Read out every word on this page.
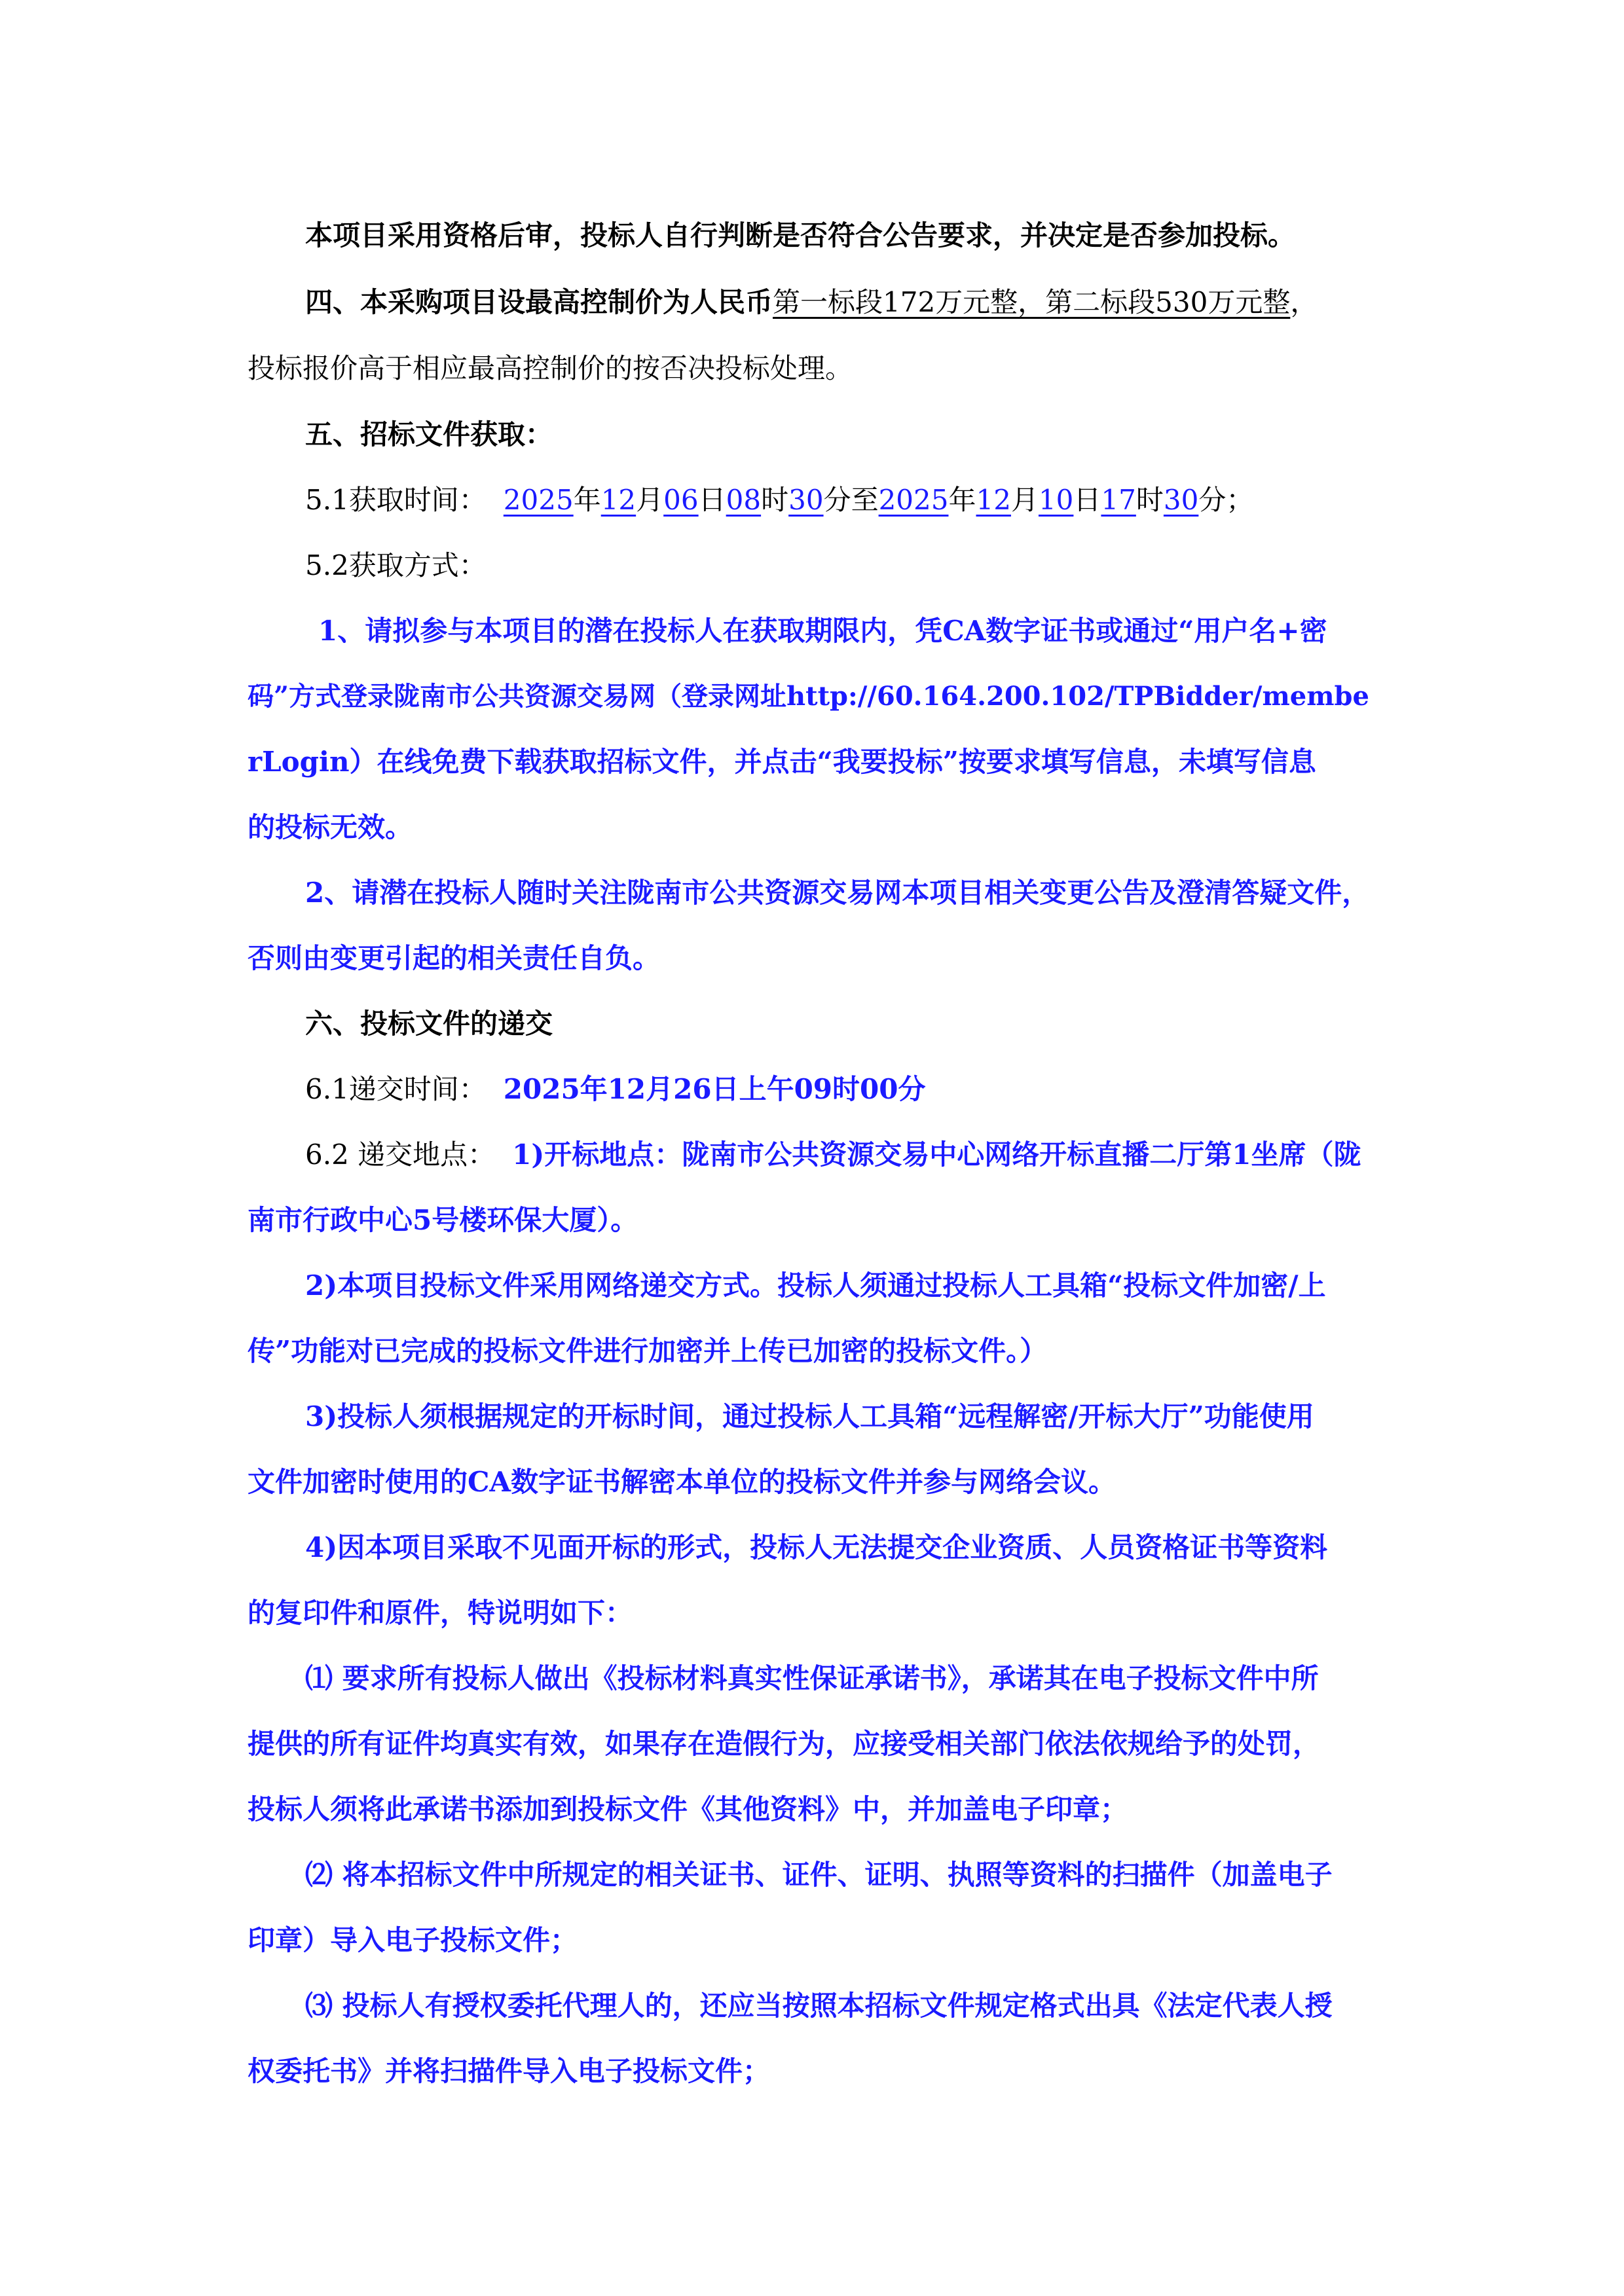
本项目采用资格后审，投标人自行判断是否符合公告要求，并决定是否参加投标。
四、本采购项目设最高控制价为人民币第一标段172万元整，第二标段530万元整，
投标报价高于相应最高控制价的按否决投标处理。
五、招标文件获取：
5.1获取时间： 2025年12月06日08时30分至2025年12月10日17时30分；
5.2获取方式：
1、请拟参与本项目的潜在投标人在获取期限内，凭CA数字证书或通过“用户名+密
码”方式登录陇南市公共资源交易网（登录网址http://60.164.200.102/TPBidder/membe
rLogin）在线免费下载获取招标文件，并点击“我要投标”按要求填写信息，未填写信息
的投标无效。
2、请潜在投标人随时关注陇南市公共资源交易网本项目相关变更公告及澄清答疑文件，
否则由变更引起的相关责任自负。
六、投标文件的递交
6.1递交时间： 2025年12月26日上午09时00分
6.2 递交地点： 1)开标地点：陇南市公共资源交易中心网络开标直播二厅第1坐席（陇
南市行政中心5号楼环保大厦）。
2)本项目投标文件采用网络递交方式。投标人须通过投标人工具箱“投标文件加密/上
传”功能对已完成的投标文件进行加密并上传已加密的投标文件。）
3)投标人须根据规定的开标时间，通过投标人工具箱“远程解密/开标大厅”功能使用
文件加密时使用的CA数字证书解密本单位的投标文件并参与网络会议。
4)因本项目采取不见面开标的形式，投标人无法提交企业资质、人员资格证书等资料
的复印件和原件，特说明如下：
⑴ 要求所有投标人做出《投标材料真实性保证承诺书》，承诺其在电子投标文件中所
提供的所有证件均真实有效，如果存在造假行为，应接受相关部门依法依规给予的处罚，
投标人须将此承诺书添加到投标文件《其他资料》中，并加盖电子印章；
⑵ 将本招标文件中所规定的相关证书、证件、证明、执照等资料的扫描件（加盖电子
印章）导入电子投标文件；
⑶ 投标人有授权委托代理人的，还应当按照本招标文件规定格式出具《法定代表人授
权委托书》并将扫描件导入电子投标文件；
